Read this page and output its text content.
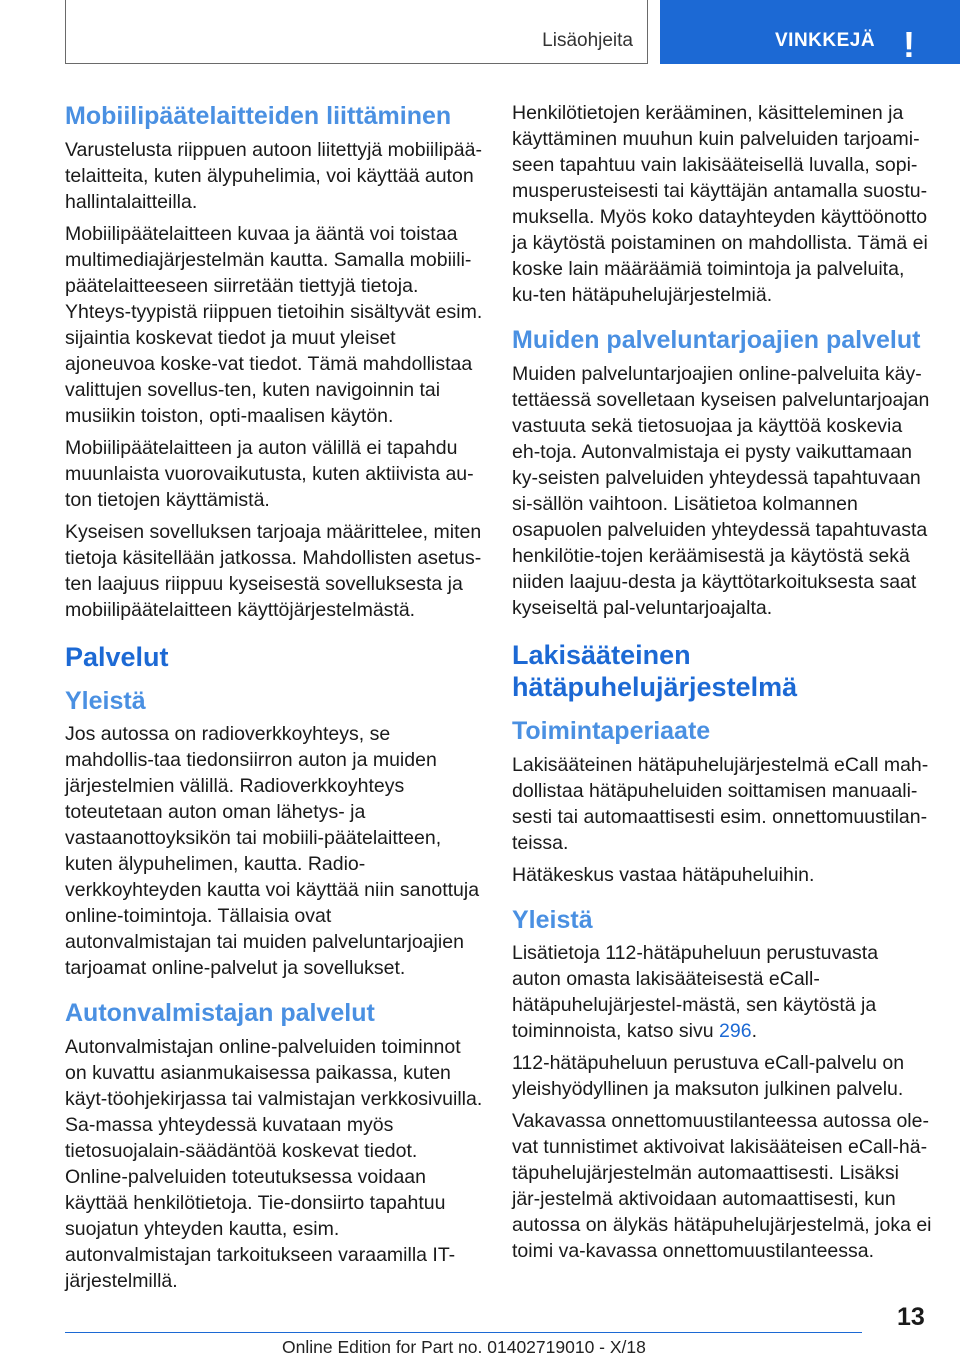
Lisäohjeita	VINKKEJÄ !
Mobiilipäätelaitteiden liittäminen

Varustelusta riippuen autoon liitettyjä mobiilipää-telaitteita, kuten älypuhelimia, voi käyttää auton hallintalaitteilla.

Mobiilipäätelaitteen kuvaa ja ääntä voi toistaa multimediajärjestelmän kautta. Samalla mobiili-päätelaitteeseen siirretään tiettyjä tietoja. Yhteys-tyypistä riippuen tietoihin sisältyvät esim. sijaintia koskevat tiedot ja muut yleiset ajoneuvoa koske-vat tiedot. Tämä mahdollistaa valittujen sovellus-ten, kuten navigoinnin tai musiikin toiston, opti-maalisen käytön.

Mobiilipäätelaitteen ja auton välillä ei tapahdu muunlaista vuorovaikutusta, kuten aktiivista au-ton tietojen käyttämistä.

Kyseisen sovelluksen tarjoaja määrittelee, miten tietoja käsitellään jatkossa. Mahdollisten asetus-ten laajuus riippuu kyseisestä sovelluksesta ja mobiilipäätelaitteen käyttöjärjestelmästä.

Palvelut
Yleistä

Jos autossa on radioverkkoyhteys, se mahdollis-taa tiedonsiirron auton ja muiden järjestelmien välillä. Radioverkkoyhteys toteutetaan auton oman lähetys- ja vastaanottoyksikön tai mobiili-päätelaitteen, kuten älypuhelimen, kautta. Radio-verkkoyhteyden kautta voi käyttää niin sanottuja online-toimintoja. Tällaisia ovat autonvalmistajan tai muiden palveluntarjoajien tarjoamat online-palvelut ja sovellukset.

Autonvalmistajan palvelut

Autonvalmistajan online-palveluiden toiminnot on kuvattu asianmukaisessa paikassa, kuten käyt-töohjekirjassa tai valmistajan verkkosivuilla. Sa-massa yhteydessä kuvataan myös tietosuojalain-säädäntöä koskevat tiedot. Online-palveluiden toteutuksessa voidaan käyttää henkilötietoja. Tie-donsiirto tapahtuu suojatun yhteyden kautta, esim. autonvalmistajan tarkoitukseen varaamilla IT-järjestelmillä.

Henkilötietojen kerääminen, käsitteleminen ja käyttäminen muuhun kuin palveluiden tarjoami-seen tapahtuu vain lakisääteisellä luvalla, sopi-musperusteisesti tai käyttäjän antamalla suostu-muksella. Myös koko datayhteyden käyttöönotto ja käytöstä poistaminen on mahdollista. Tämä ei koske lain määräämiä toimintoja ja palveluita, ku-ten hätäpuhelujärjestelmiä.

Muiden palveluntarjoajien palvelut

Muiden palveluntarjoajien online-palveluita käy-tettäessä sovelletaan kyseisen palveluntarjoajan vastuuta sekä tietosuojaa ja käyttöä koskevia eh-toja. Autonvalmistaja ei pysty vaikuttamaan ky-seisten palveluiden yhteydessä tapahtuvaan si-sällön vaihtoon. Lisätietoa kolmannen osapuolen palveluiden yhteydessä tapahtuvasta henkilötie-tojen keräämisestä ja käytöstä sekä niiden laajuu-desta ja käyttötarkoituksesta saat kyseiseltä pal-veluntarjoajalta.

Lakisääteinen
hätäpuhelujärjestelmä
Toimintaperiaate

Lakisääteinen hätäpuhelujärjestelmä eCall mah-dollistaa hätäpuheluiden soittamisen manuaali-sesti tai automaattisesti esim. onnettomuustilan-teissa.

Hätäkeskus vastaa hätäpuheluihin.

Yleistä

Lisätietoja 112-hätäpuheluun perustuvasta auton omasta lakisääteisestä eCall-hätäpuhelujärjestel-mästä, sen käytöstä ja toiminnoista, katso sivu 296.

112-hätäpuheluun perustuva eCall-palvelu on yleishyödyllinen ja maksuton julkinen palvelu.

Vakavassa onnettomuustilanteessa autossa ole-vat tunnistimet aktivoivat lakisääteisen eCall-hä-täpuhelujärjestelmän automaattisesti. Lisäksi jär-jestelmä aktivoidaan automaattisesti, kun autossa on älykäs hätäpuhelujärjestelmä, joka ei toimi va-kavassa onnettomuustilanteessa.

13
Online Edition for Part no. 01402719010 - X/18
